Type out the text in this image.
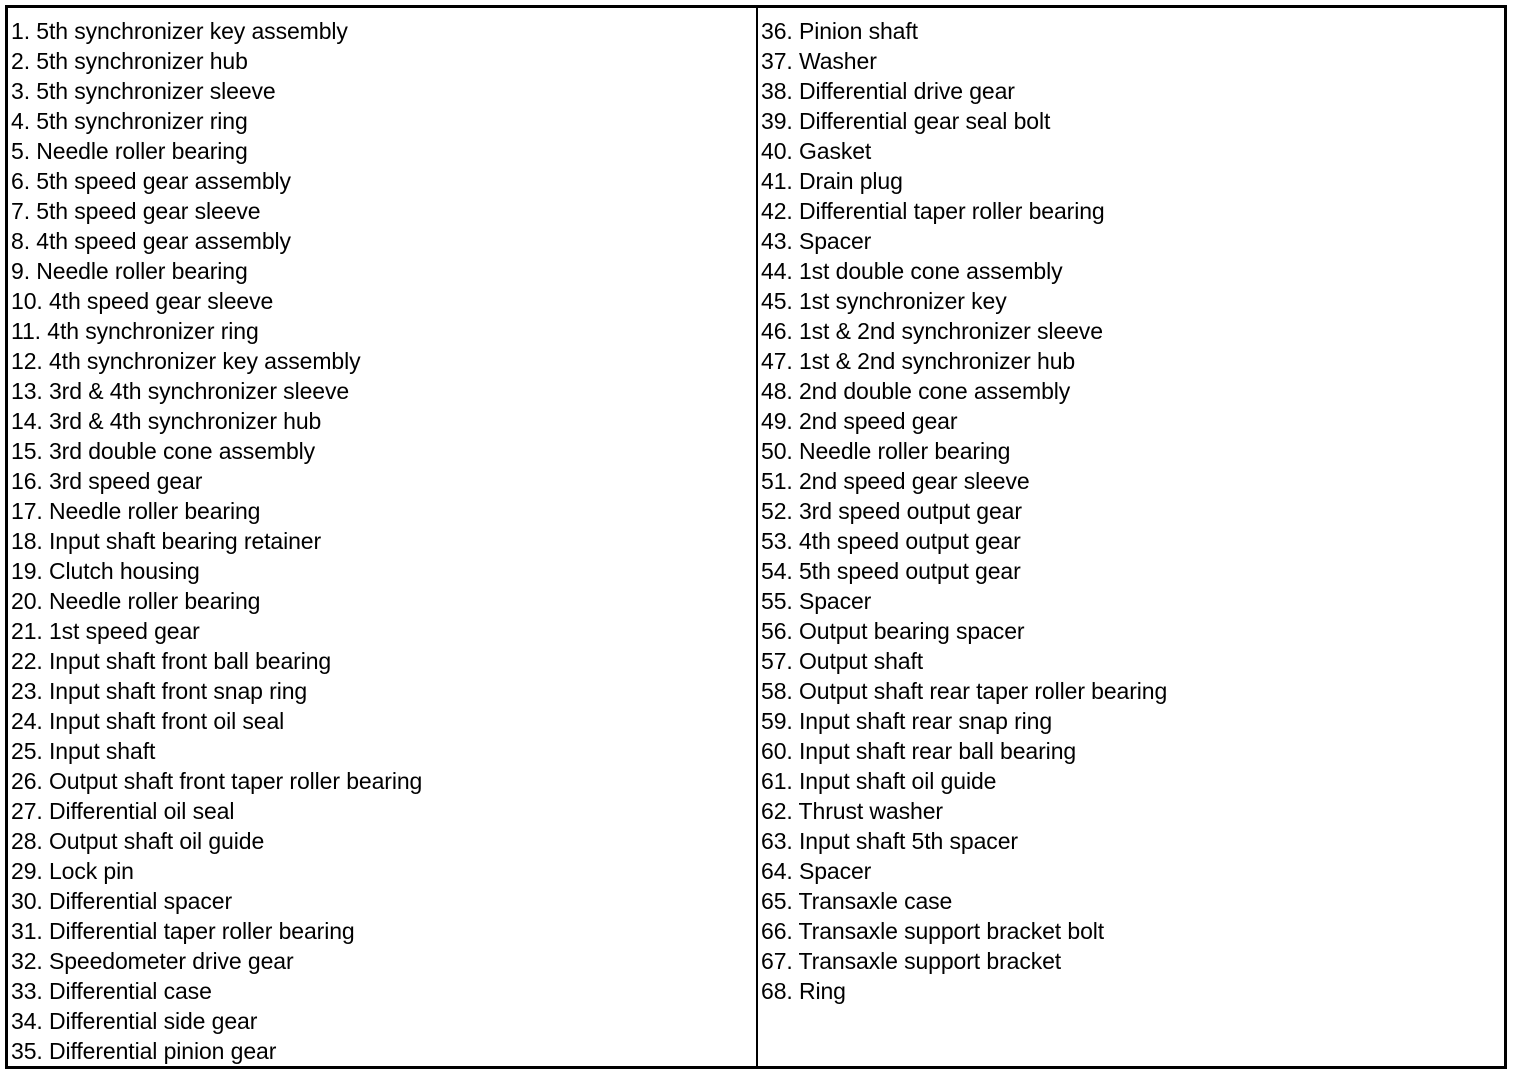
1. 5th synchronizer key assembly
2. 5th synchronizer hub
3. 5th synchronizer sleeve
4. 5th synchronizer ring
5. Needle roller bearing
6. 5th speed gear assembly
7. 5th speed gear sleeve
8. 4th speed gear assembly
9. Needle roller bearing
10. 4th speed gear sleeve
11. 4th synchronizer ring
12. 4th synchronizer key assembly
13. 3rd & 4th synchronizer sleeve
14. 3rd & 4th synchronizer hub
15. 3rd double cone assembly
16. 3rd speed gear
17. Needle roller bearing
18. Input shaft bearing retainer
19. Clutch housing
20. Needle roller bearing
21. 1st speed gear
22. Input shaft front ball bearing
23. Input shaft front snap ring
24. Input shaft front oil seal
25. Input shaft
26. Output shaft front taper roller bearing
27. Differential oil seal
28. Output shaft oil guide
29. Lock pin
30. Differential spacer
31. Differential taper roller bearing
32. Speedometer drive gear
33. Differential case
34. Differential side gear
35. Differential pinion gear
36. Pinion shaft
37. Washer
38. Differential drive gear
39. Differential gear seal bolt
40. Gasket
41. Drain plug
42. Differential taper roller bearing
43. Spacer
44. 1st double cone assembly
45. 1st synchronizer key
46. 1st & 2nd synchronizer sleeve
47. 1st & 2nd synchronizer hub
48. 2nd double cone assembly
49. 2nd speed gear
50. Needle roller bearing
51. 2nd speed gear sleeve
52. 3rd speed output gear
53. 4th speed output gear
54. 5th speed output gear
55. Spacer
56. Output bearing spacer
57. Output shaft
58. Output shaft rear taper roller bearing
59. Input shaft rear snap ring
60. Input shaft rear ball bearing
61. Input shaft oil guide
62. Thrust washer
63. Input shaft 5th spacer
64. Spacer
65. Transaxle case
66. Transaxle support bracket bolt
67. Transaxle support bracket
68. Ring
